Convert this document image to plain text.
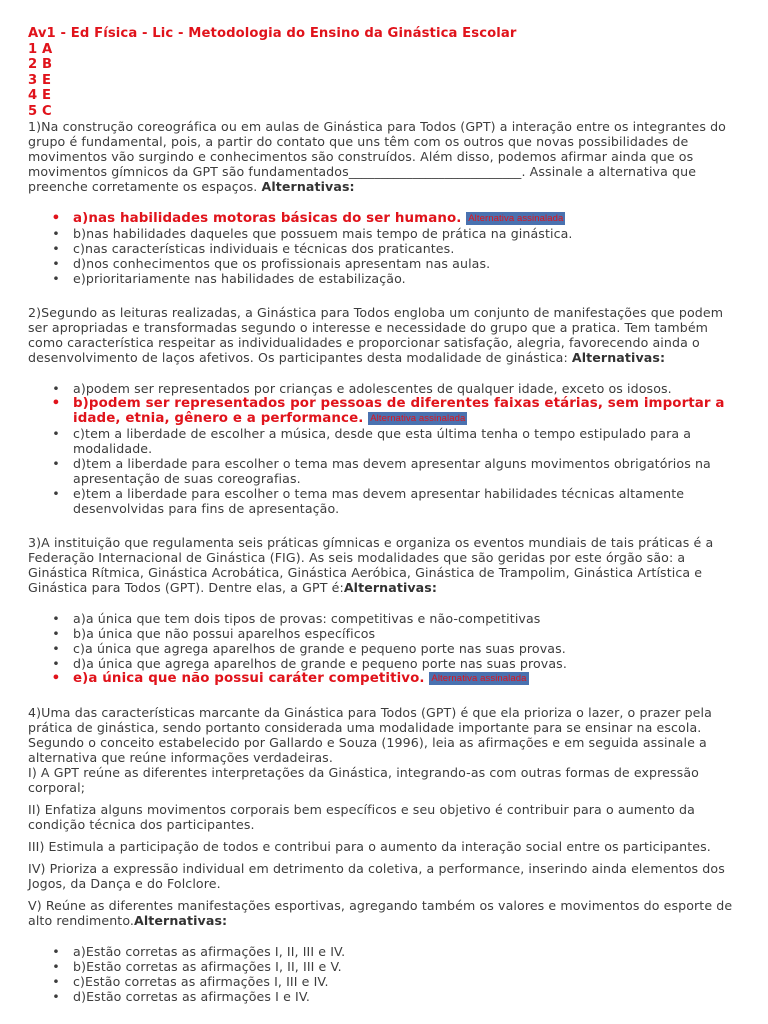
Av1 - Ed Física - Lic - Metodologia do Ensino da Ginástica Escolar
1 A
2 B
3 E
4 E
5 C

1)Na construção coreográfica ou em aulas de Ginástica para Todos (GPT) a interação entre os integrantes do grupo é fundamental, pois, a partir do contato que uns têm com os outros que novas possibilidades de movimentos vão surgindo e conhecimentos são construídos. Além disso, podemos afirmar ainda que os movimentos gímnicos da GPT são fundamentados___________________________. Assinale a alternativa que preenche corretamente os espaços. Alternativas:

• a)nas habilidades motoras básicas do ser humano. Alternativa assinalada
• b)nas habilidades daqueles que possuem mais tempo de prática na ginástica.
• c)nas características individuais e técnicas dos praticantes.
• d)nos conhecimentos que os profissionais apresentam nas aulas.
• e)prioritariamente nas habilidades de estabilização.

2)Segundo as leituras realizadas, a Ginástica para Todos engloba um conjunto de manifestações que podem ser apropriadas e transformadas segundo o interesse e necessidade do grupo que a pratica. Tem também como característica respeitar as individualidades e proporcionar satisfação, alegria, favorecendo ainda o desenvolvimento de laços afetivos. Os participantes desta modalidade de ginástica: Alternativas:

• a)podem ser representados por crianças e adolescentes de qualquer idade, exceto os idosos.
• b)podem ser representados por pessoas de diferentes faixas etárias, sem importar a idade, etnia, gênero e a performance. Alternativa assinalada
• c)tem a liberdade de escolher a música, desde que esta última tenha o tempo estipulado para a modalidade.
• d)tem a liberdade para escolher o tema mas devem apresentar alguns movimentos obrigatórios na apresentação de suas coreografias.
• e)tem a liberdade para escolher o tema mas devem apresentar habilidades técnicas altamente desenvolvidas para fins de apresentação.

3)A instituição que regulamenta seis práticas gímnicas e organiza os eventos mundiais de tais práticas é a Federação Internacional de Ginástica (FIG). As seis modalidades que são geridas por este órgão são: a Ginástica Rítmica, Ginástica Acrobática, Ginástica Aeróbica, Ginástica de Trampolim, Ginástica Artística e Ginástica para Todos (GPT). Dentre elas, a GPT é:Alternativas:

• a)a única que tem dois tipos de provas: competitivas e não-competitivas
• b)a única que não possui aparelhos específicos
• c)a única que agrega aparelhos de grande e pequeno porte nas suas provas.
• d)a única que agrega aparelhos de grande e pequeno porte nas suas provas.
• e)a única que não possui caráter competitivo. Alternativa assinalada

4)Uma das características marcante da Ginástica para Todos (GPT) é que ela prioriza o lazer, o prazer pela prática de ginástica, sendo portanto considerada uma modalidade importante para se ensinar na escola. Segundo o conceito estabelecido por Gallardo e Souza (1996), leia as afirmações e em seguida assinale a alternativa que reúne informações verdadeiras.

I) A GPT reúne as diferentes interpretações da Ginástica, integrando-as com outras formas de expressão corporal;

II) Enfatiza alguns movimentos corporais bem específicos e seu objetivo é contribuir para o aumento da condição técnica dos participantes.

III) Estimula a participação de todos e contribui para o aumento da interação social entre os participantes.

IV) Prioriza a expressão individual em detrimento da coletiva, a performance, inserindo ainda elementos dos Jogos, da Dança e do Folclore.

V) Reúne as diferentes manifestações esportivas, agregando também os valores e movimentos do esporte de alto rendimento.Alternativas:

• a)Estão corretas as afirmações I, II, III e IV.
• b)Estão corretas as afirmações I, II, III e V.
• c)Estão corretas as afirmações I, III e IV.
• d)Estão corretas as afirmações I e IV.
